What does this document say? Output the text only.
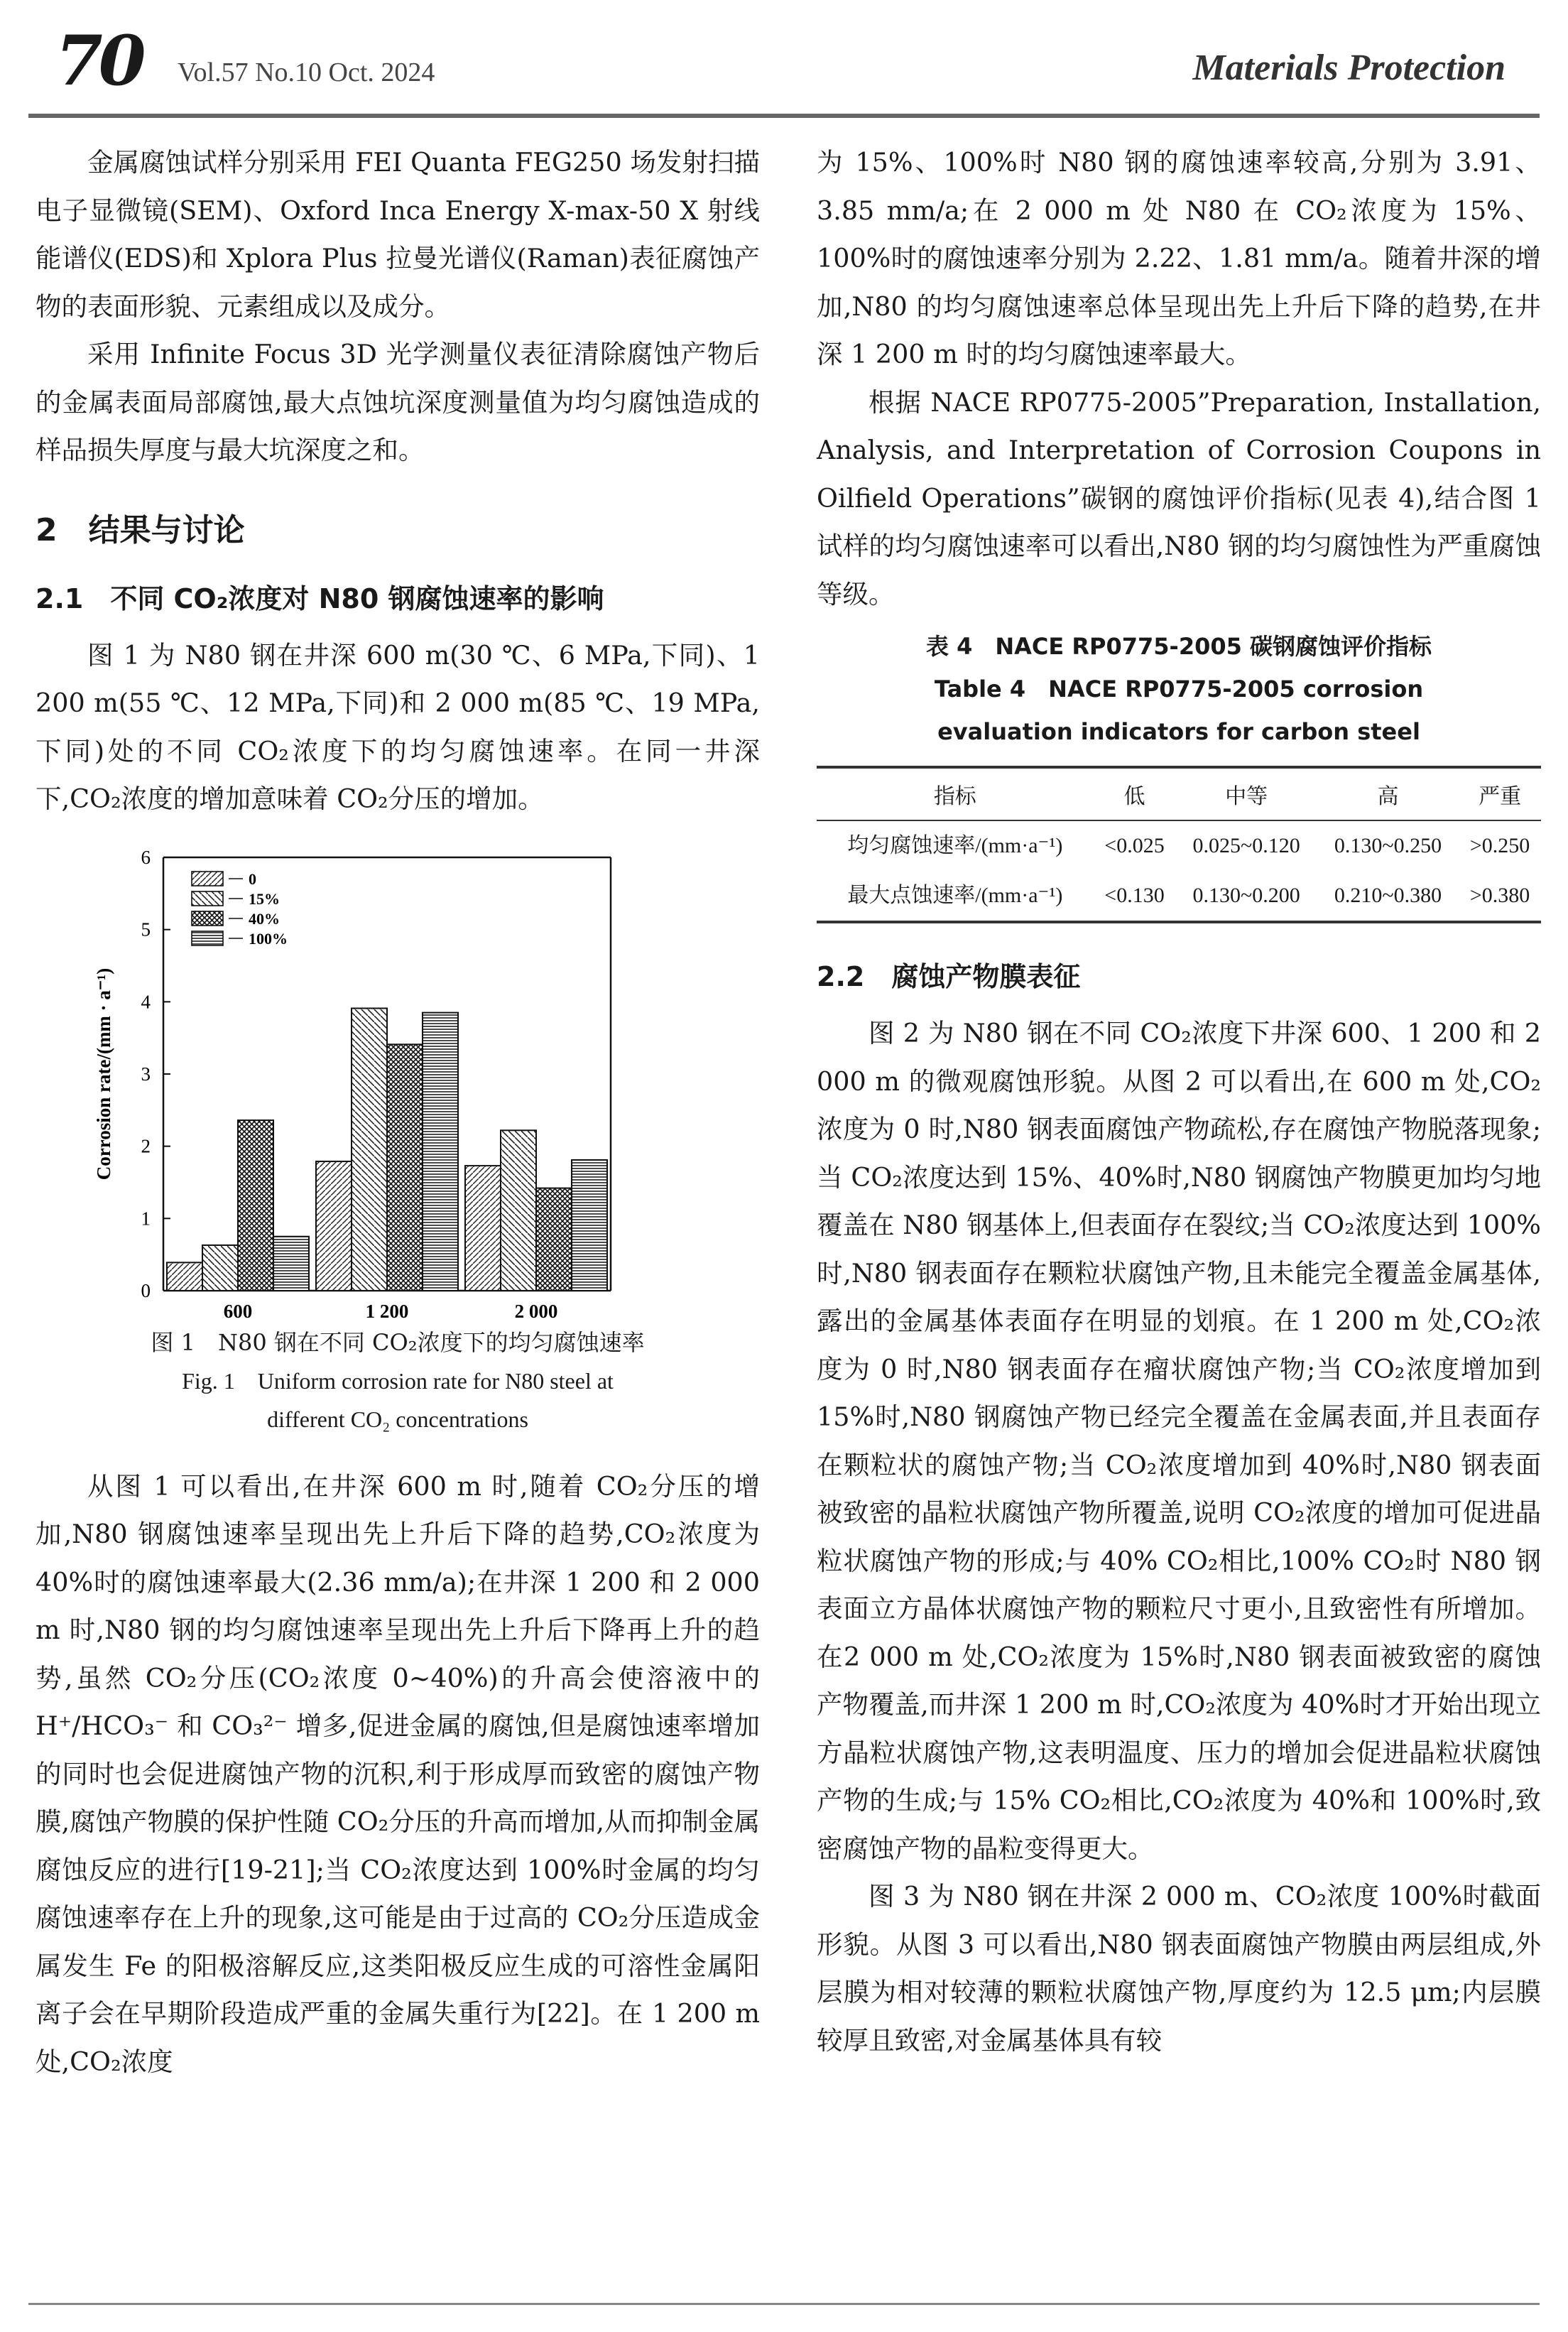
70 Vol.57 No.10 Oct. 2024	Materials Protection

金属腐蚀试样分别采用 FEI Quanta FEG250 场发射扫描电子显微镜(SEM)、Oxford Inca Energy X-max-50 X 射线能谱仪(EDS)和 Xplora Plus 拉曼光谱仪(Raman)表征腐蚀产物的表面形貌、元素组成以及成分。

采用 Infinite Focus 3D 光学测量仪表征清除腐蚀产物后的金属表面局部腐蚀,最大点蚀坑深度测量值为均匀腐蚀造成的样品损失厚度与最大坑深度之和。

2　结果与讨论
2.1　不同 CO₂浓度对 N80 钢腐蚀速率的影响

图 1 为 N80 钢在井深 600 m(30 ℃、6 MPa,下同)、1 200 m(55 ℃、12 MPa,下同)和 2 000 m(85 ℃、19 MPa,下同)处的不同 CO₂浓度下的均匀腐蚀速率。在同一井深下,CO₂浓度的增加意味着 CO₂分压的增加。

0
1
2
3
4
5
6
Corrosion rate/(mm · a⁻¹)
600	1 200	2 000
0
15%
40%
100%
图 1　N80 钢在不同 CO₂浓度下的均匀腐蚀速率
Fig. 1　Uniform corrosion rate for N80 steel at
different CO₂ concentrations

从图 1 可以看出,在井深 600 m 时,随着 CO₂分压的增加,N80 钢腐蚀速率呈现出先上升后下降的趋势,CO₂浓度为 40%时的腐蚀速率最大(2.36 mm/a);在井深 1 200 和 2 000 m 时,N80 钢的均匀腐蚀速率呈现出先上升后下降再上升的趋势,虽然 CO₂分压(CO₂浓度 0~40%)的升高会使溶液中的 H⁺/HCO₃⁻ 和 CO₃²⁻ 增多,促进金属的腐蚀,但是腐蚀速率增加的同时也会促进腐蚀产物的沉积,利于形成厚而致密的腐蚀产物膜,腐蚀产物膜的保护性随 CO₂分压的升高而增加,从而抑制金属腐蚀反应的进行[19-21];当 CO₂浓度达到 100%时金属的均匀腐蚀速率存在上升的现象,这可能是由于过高的 CO₂分压造成金属发生 Fe 的阳极溶解反应,这类阳极反应生成的可溶性金属阳离子会在早期阶段造成严重的金属失重行为[22]。在 1 200 m 处,CO₂浓度

为 15%、100%时 N80 钢的腐蚀速率较高,分别为 3.91、3.85 mm/a;在 2 000 m 处 N80 在 CO₂浓度为 15%、100%时的腐蚀速率分别为 2.22、1.81 mm/a。随着井深的增加,N80 的均匀腐蚀速率总体呈现出先上升后下降的趋势,在井深 1 200 m 时的均匀腐蚀速率最大。

根据 NACE RP0775-2005”Preparation, Installation, Analysis, and Interpretation of Corrosion Coupons in Oilfield Operations”碳钢的腐蚀评价指标(见表 4),结合图 1 试样的均匀腐蚀速率可以看出,N80 钢的均匀腐蚀性为严重腐蚀等级。

表 4　NACE RP0775-2005 碳钢腐蚀评价指标
Table 4　NACE RP0775-2005 corrosion
evaluation indicators for carbon steel
指标	低	中等	高	严重
均匀腐蚀速率/(mm·a⁻¹)	<0.025	0.025~0.120	0.130~0.250	>0.250
最大点蚀速率/(mm·a⁻¹)	<0.130	0.130~0.200	0.210~0.380	>0.380
2.2　腐蚀产物膜表征

图 2 为 N80 钢在不同 CO₂浓度下井深 600、1 200 和 2 000 m 的微观腐蚀形貌。从图 2 可以看出,在 600 m 处,CO₂浓度为 0 时,N80 钢表面腐蚀产物疏松,存在腐蚀产物脱落现象;当 CO₂浓度达到 15%、40%时,N80 钢腐蚀产物膜更加均匀地覆盖在 N80 钢基体上,但表面存在裂纹;当 CO₂浓度达到 100%时,N80 钢表面存在颗粒状腐蚀产物,且未能完全覆盖金属基体,露出的金属基体表面存在明显的划痕。在 1 200 m 处,CO₂浓度为 0 时,N80 钢表面存在瘤状腐蚀产物;当 CO₂浓度增加到 15%时,N80 钢腐蚀产物已经完全覆盖在金属表面,并且表面存在颗粒状的腐蚀产物;当 CO₂浓度增加到 40%时,N80 钢表面被致密的晶粒状腐蚀产物所覆盖,说明 CO₂浓度的增加可促进晶粒状腐蚀产物的形成;与 40% CO₂相比,100% CO₂时 N80 钢表面立方晶体状腐蚀产物的颗粒尺寸更小,且致密性有所增加。在2 000 m 处,CO₂浓度为 15%时,N80 钢表面被致密的腐蚀产物覆盖,而井深 1 200 m 时,CO₂浓度为 40%时才开始出现立方晶粒状腐蚀产物,这表明温度、压力的增加会促进晶粒状腐蚀产物的生成;与 15% CO₂相比,CO₂浓度为 40%和 100%时,致密腐蚀产物的晶粒变得更大。

图 3 为 N80 钢在井深 2 000 m、CO₂浓度 100%时截面形貌。从图 3 可以看出,N80 钢表面腐蚀产物膜由两层组成,外层膜为相对较薄的颗粒状腐蚀产物,厚度约为 12.5 μm;内层膜较厚且致密,对金属基体具有较
